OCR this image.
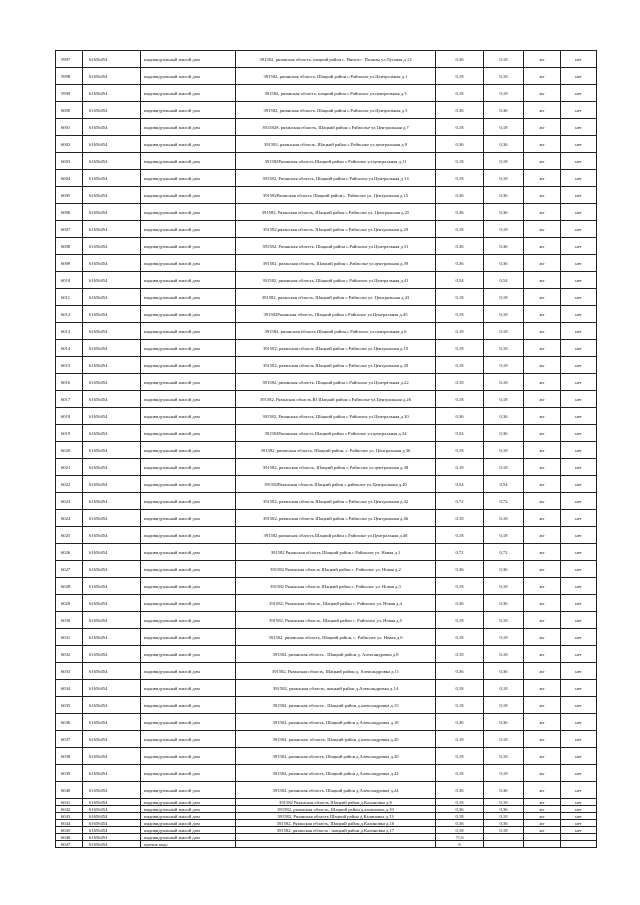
5997	61656454	индивидуальный жилой дом	391582, рязанская область, шацкий район с. Ничего - Поляны ул.Луговая д.13	0,36	0,18	жт	нет
5998	61656454	индивидуальный жилой дом	391582, рязанская область, Шацкий район с.Райполье ул.Центральная д.1	0,18	0,18	жт	нет
5999	61656454	индивидуальный жилой дом	391582, рязанская область, шацкий район с.Райполье ул.центральная д.3	0,18	0,18	жт	нет
6000	61656454	индивидуальный жилой дом	391582, рязанская область, Шацкий район с.Райполье ул.Центральная д.5	0,36	0,36	жт	нет
6001	61656454	индивидуальный жилой дом	391582S, рязанская область, Шацкий район с.Райполье ул.Центральная д.7	0,18	0,18	жт	нет
6002	61656454	индивидуальный жилой дом	391582, рязанская область, Шацкий район с.Райполье ул.центральная д.9	0,36	0,36	жт	нет
6003	61656454	индивидуальный жилой дом	391582Рязанская область Шацкий район с.Райполье ул.центральная д.11	0,18	0,18	жт	нет
6004	61656454	индивидуальный жилой дом	391582, Рязанская область, Шацкий район с.Райполье ул.Центральная д.13	0,18	0,18	жт	нет
6005	61656454	индивидуальный жилой дом	391582Рязанская область Шацкий район с. Райполье ул. Центральная д.15	0,36	0,36	жт	нет
6006	61656454	индивидуальный жилой дом	391582, Рязанская область, Шацкий район с.Райполье ул. Центральная д.25	0,36	0,36	жт	нет
6007	61656454	индивидуальный жилой дом	391582,рязанская область, Шацкий район с.Райполье ул.Центральная д.29	0,18	0,18	жт	нет
6008	61656454	индивидуальный жилой дом	391582, Рязанская область, Шацкий район с.Райполье ул.Центральная д.31	0,36	0,36	жт	нет
6009	61656454	индивидуальный жилой дом	391582, рязанская область, Шацкий район с.Райполье ул.центральная д.39	0,36	0,36	жт	нет
6010	61656454	индивидуальный жилой дом	391582, рязанская область, Шацкий район с.Райполье ул.Центральная д.41	0,54	0,54	жт	нет
6011	61656454	индивидуальный жилой дом	391582, рязанская область, Шацкий район с.Райполье ул. Центральная д.43	0,18	0,18	жт	нет
6012	61656454	индивидуальный жилой дом	391582Рязанская область, Шацкий район с.Райполье ул.Центральная д.45	0,18	0,18	жт	нет
6013	61656454	индивидуальный жилой дом	391582, рязанская область Шацкий район с.Райполье ул.центральная д.6	0,18	0,18	жт	нет
6014	61656454	индивидуальный жилой дом	391582, рязанская область Шацкий район с.Райполье ул.Центральная д.10	0,18	0,18	жт	нет
6015	61656454	индивидуальный жилой дом	391582, рязанская область Шацкий район с.Райполье ул.Центральная д.20	0,18	0,18	жт	нет
6016	61656454	индивидуальный жилой дом	391582, рязанская область, Шацкий район с.Райполье ул.Центральная д.22	0,18	0,18	жт	нет
6017	61656454	индивидуальный жилой дом	391582, Рязанская область,Ю Шацкий район с.Райполье ул.Центральная д.26	0,18	0,18	жт	нет
6018	61656454	индивидуальный жилой дом	391582, Рязанская область, Шацкий район с.Райполье ул.Центральная д.30	0,36	0,36	жт	нет
6019	61656454	индивидуальный жилой дом	391582Рязанская область Шацкий район с.Райполье ул.центральная д.34	0,54	0,36	жт	нет
6020	61656454	индивидуальный жилой дом	391582, рязанская область, Шацкий район, с. Райполье ул. Центральная д.36	0,18	0,18	жт	нет
6021	61656454	индивидуальный жилой дом	391582, рязанская область, Шацкий район с.Райполье ул.центральная д.38	0,18	0,18	жт	нет
6022	61656454	индивидуальный жилой дом	391582Рязанская область Шацкий район с.райполье ул.Центральная д.40	0,54	0,54	жт	нет
6023	61656454	индивидуальный жилой дом	391582, рязанская область Шацкий район с.Райполье ул.Центральная д.42	0,72	0,72	жт	нет
6024	61656454	индивидуальный жилой дом	391582, рязанская область Шацкий район с.Райполье ул.Центральная д.46	0,18	0,18	жт	нет
6025	61656454	индивидуальный жилой дом	391582 рязанская область Шацкий район с.Райполье ул.Центральная д.48	0,18	0,18	жт	нет
6026	61656454	индивидуальный жилой дом	391582 Рязанская область Шацкий район с.Райполье ул. Новая д.1	0,72	0,72	жт	нет
6027	61656454	индивидуальный жилой дом	391582 Рязанская область Шацкий район с. Райполье ул. Новая д.2	0,36	0,36	жт	нет
6028	61656454	индивидуальный жилой дом	391582 Рязанская область Шацкий район с. Райполье ул. Новая д.3	0,18	0,18	жт	нет
6029	61656454	индивидуальный жилой дом	391582, Рязанская область, Шацкий район с. Райполье ул. Новая д.4	0,36	0,36	жт	нет
6030	61656454	индивидуальный жилой дом	391582, Рязанская область, Шацкий район с. Райполье ул. Новая д.5	0,18	0,18	жт	нет
6031	61656454	индивидуальный жилой дом	391582, рязанская область, Шацкий район, с. Райполье ул. Новая д.6	0,18	0,18	жт	нет
6032	61656454	индивидуальный жилой дом	391582, рязанская область , Шацкий район д. Александровка д.8	0,18	0,18	жт	нет
6033	61656454	индивидуальный жилой дом	391582, Рязанская область, Шацкий район д. Александровка д.11	0,36	0,36	жт	нет
6034	61656454	индивидуальный жилой дом	391582, рязанская область, шацкий район д.Александровка д.14	0,18	0,18	жт	нет
6035	61656454	индивидуальный жилой дом	391582, рязанская область , Шацкий район д.александровка д.15	0,18	0,18	жт	нет
6036	61656454	индивидуальный жилой дом	391582, рязанская область, Шацкий район д.Александровка д.18	0,36	0,36	жт	нет
6037	61656454	индивидуальный жилой дом	391582, рязанская. область. Шацкий район д.александровка д.20	0,18	0,18	жт	нет
6038	61656454	индивидуальный жилой дом	391582, рязанская область, Шацкий район д.Александровка д.20	0,18	0,18	жт	нет
6039	61656454	индивидуальный жилой дом	391582, рязанская область, Шацкий район д.Александровка д.22	0,18	0,18	жт	нет
6040	61656454	индивидуальный жилой дом	391582, рязанская область, Шацкий район д.Александровка д.24	0,36	0,36	жт	нет
6041	61656454	индивидуальный жилой дом	391582 Рязанская область Шацкий район д.Калиновка д.6	0,18	0,18	жт	нет
6042	61656454	индивидуальный жилой дом	391582, рязанская область, Шацкий район д.калиновка д.10	0,36	0,36	жт	нет
6043	61656454	индивидуальный жилой дом	391582, Рязанская область Шацкий район д.Калиновка д.13	0,18	0,18	жт	нет
6044	61656454	индивидуальный жилой дом	391582, Рязанская область, Шацкий район д.Калиновка д.16	0,36	0,36	жт	нет
6045	61656454	индивидуальный жилой дом	391582, рязанская область , шацкий район д.Калиновка д.17	0,18	0,18	жт	нет
6046	61656454	индивидуальный жилой дом		71,6			
6047	61656454	прочие кодо		6			
